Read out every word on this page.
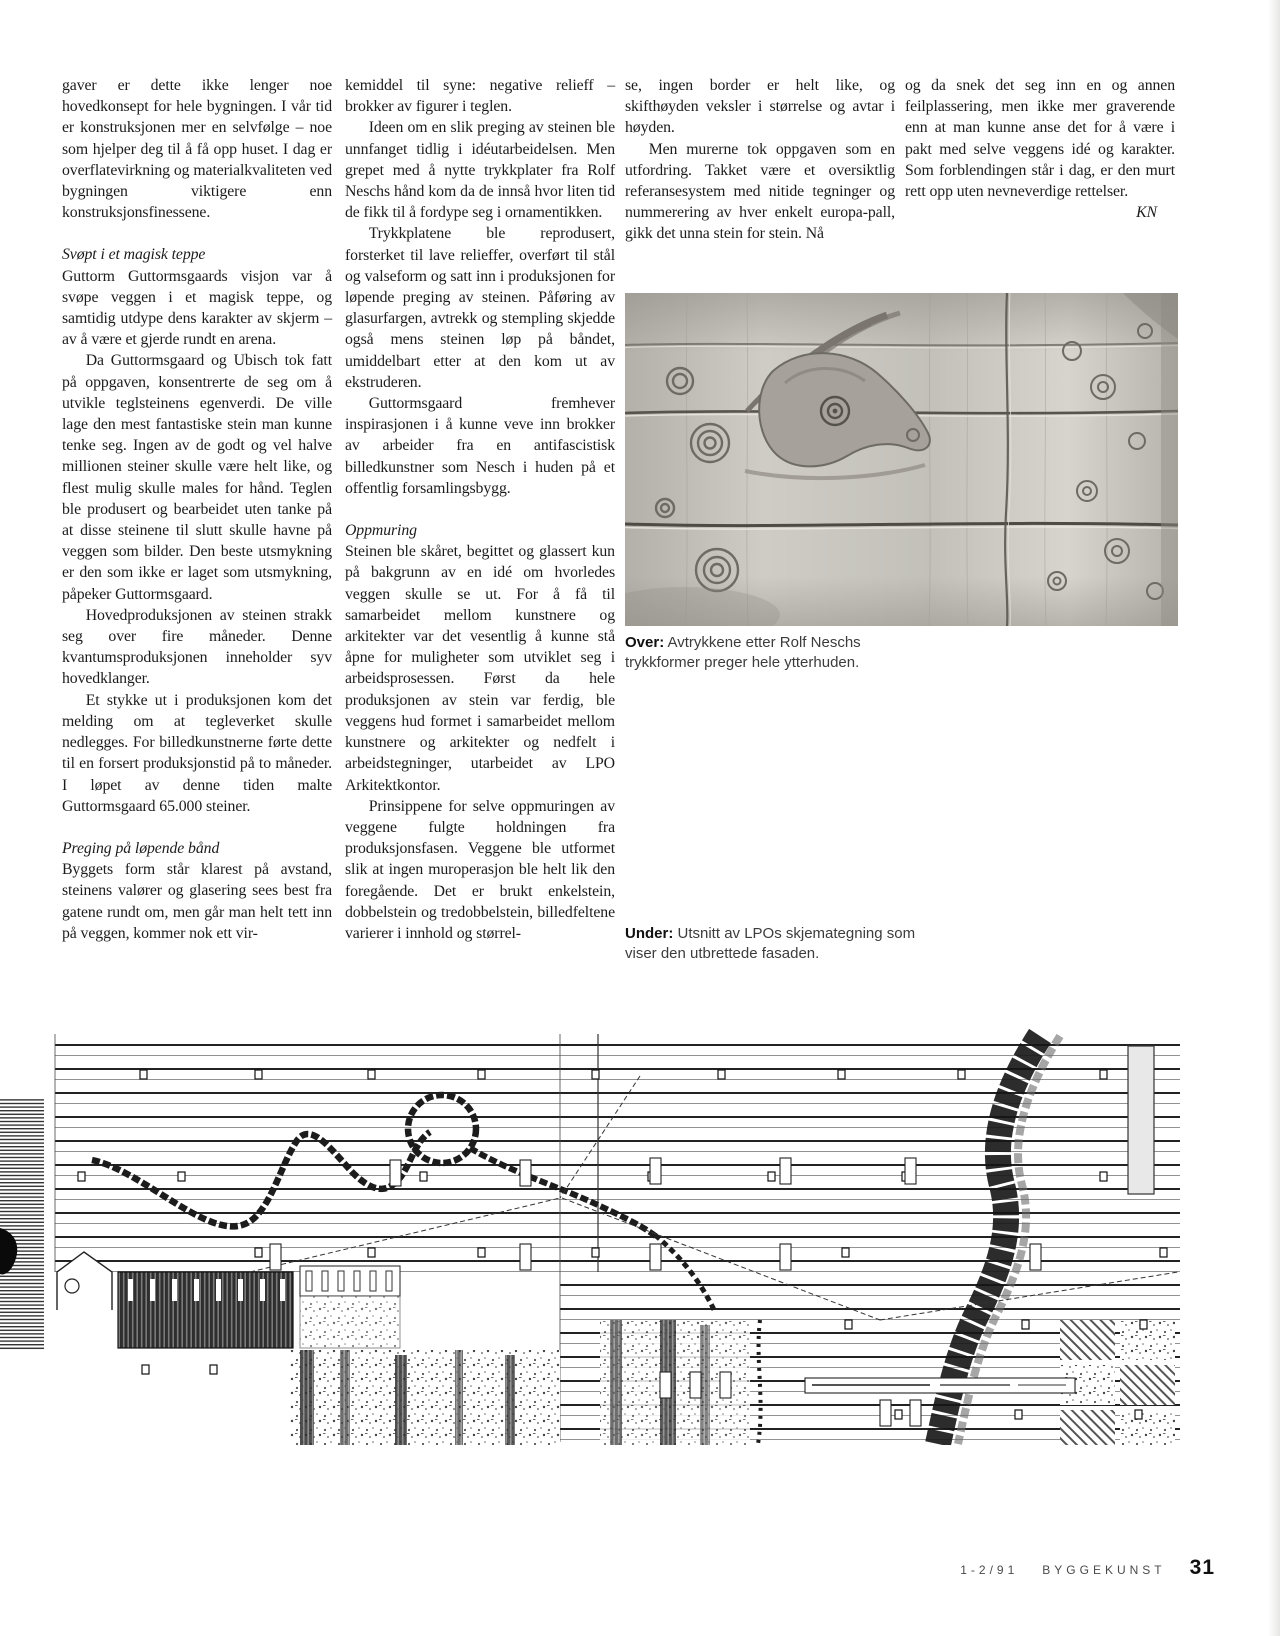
gaver er dette ikke lenger noe hovedkonsept for hele bygningen. I vår tid er konstruksjonen mer en selvfølge – noe som hjelper deg til å få opp huset. I dag er overflatevirkning og materialkvaliteten ved bygningen viktigere enn konstruksjonsfinessene.

Svøpt i et magisk teppe

Guttorm Guttormsgaards visjon var å svøpe veggen i et magisk teppe, og samtidig utdype dens karakter av skjerm – av å være et gjerde rundt en arena.

Da Guttormsgaard og Ubisch tok fatt på oppgaven, konsentrerte de seg om å utvikle teglsteinens egenverdi. De ville lage den mest fantastiske stein man kunne tenke seg. Ingen av de godt og vel halve millionen steiner skulle være helt like, og flest mulig skulle males for hånd. Teglen ble produsert og bearbeidet uten tanke på at disse steinene til slutt skulle havne på veggen som bilder. Den beste utsmykning er den som ikke er laget som utsmykning, påpeker Guttormsgaard.

Hovedproduksjonen av steinen strakk seg over fire måneder. Denne kvantumsproduksjonen inneholder syv hovedklanger.

Et stykke ut i produksjonen kom det melding om at tegleverket skulle nedlegges. For billedkunstnerne førte dette til en forsert produksjonstid på to måneder. I løpet av denne tiden malte Guttormsgaard 65.000 steiner.

Preging på løpende bånd

Byggets form står klarest på avstand, steinens valører og glasering sees best fra gatene rundt om, men går man helt tett inn på veggen, kommer nok ett vir-

kemiddel til syne: negative relieff – brokker av figurer i teglen.

Ideen om en slik preging av steinen ble unnfanget tidlig i idéutarbeidelsen. Men grepet med å nytte trykkplater fra Rolf Neschs hånd kom da de innså hvor liten tid de fikk til å fordype seg i ornamentikken.

Trykkplatene ble reprodusert, forsterket til lave relieffer, overført til stål og valseform og satt inn i produksjonen for løpende preging av steinen. Påføring av glasurfargen, avtrekk og stempling skjedde også mens steinen løp på båndet, umiddelbart etter at den kom ut av ekstruderen.

Guttormsgaard fremhever inspirasjonen i å kunne veve inn brokker av arbeider fra en antifascistisk billedkunstner som Nesch i huden på et offentlig forsamlingsbygg.

Oppmuring

Steinen ble skåret, begittet og glassert kun på bakgrunn av en idé om hvorledes veggen skulle se ut. For å få til samarbeidet mellom kunstnere og arkitekter var det vesentlig å kunne stå åpne for muligheter som utviklet seg i arbeidsprosessen. Først da hele produksjonen av stein var ferdig, ble veggens hud formet i samarbeidet mellom kunstnere og arkitekter og nedfelt i arbeidstegninger, utarbeidet av LPO Arkitektkontor.

Prinsippene for selve oppmuringen av veggene fulgte holdningen fra produksjonsfasen. Veggene ble utformet slik at ingen muroperasjon ble helt lik den foregående. Det er brukt enkelstein, dobbelstein og tredobbelstein, billedfeltene varierer i innhold og størrel-

se, ingen border er helt like, og skifthøyden veksler i størrelse og avtar i høyden.

Men murerne tok oppgaven som en utfordring. Takket være et oversiktlig referansesystem med nitide tegninger og nummerering av hver enkelt europa-pall, gikk det unna stein for stein. Nå

og da snek det seg inn en og annen feilplassering, men ikke mer graverende enn at man kunne anse det for å være i pakt med selve veggens idé og karakter. Som forblendingen står i dag, er den murt rett opp uten nevneverdige rettelser.

KN

Over: Avtrykkene etter Rolf Neschs trykkformer preger hele ytterhuden.
Under: Utsnitt av LPOs skjemategning som viser den utbrettede fasaden.
1-2/91 BYGGEKUNST 31
